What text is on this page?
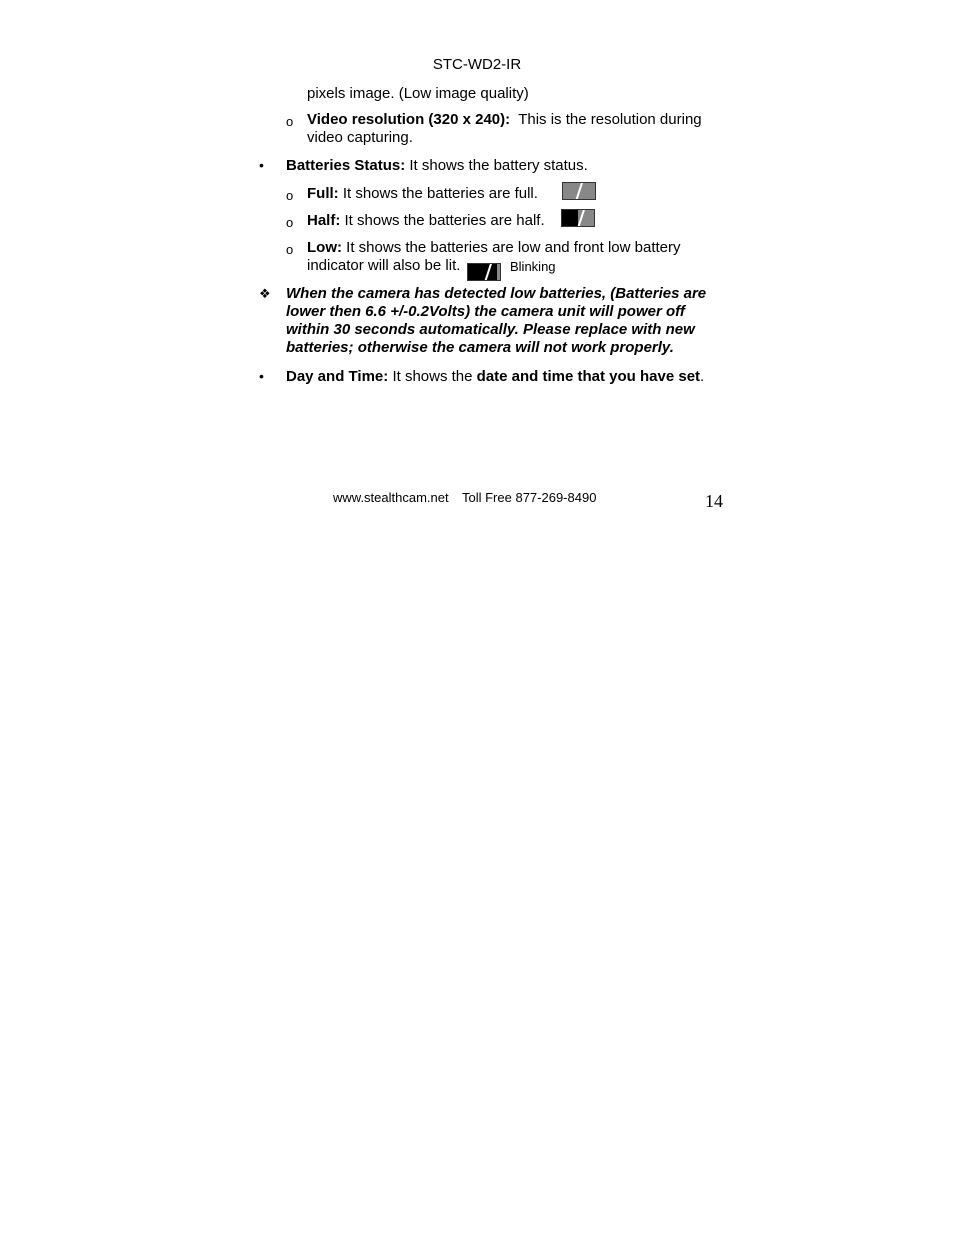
STC-WD2-IR
pixels image. (Low image quality)
o Video resolution (320 x 240): This is the resolution during
video capturing.
• Batteries Status: It shows the battery status.
o Full: It shows the batteries are full.
o Half: It shows the batteries are half.
o Low: It shows the batteries are low and front low battery
indicator will also be lit.	Blinking
❖ When the camera has detected low batteries, (Batteries are
lower then 6.6 +/-0.2Volts) the camera unit will power off
within 30 seconds automatically. Please replace with new
batteries; otherwise the camera will not work properly.
• Day and Time: It shows the date and time that you have set.
www.stealthcam.net Toll Free 877-269-8490	14
